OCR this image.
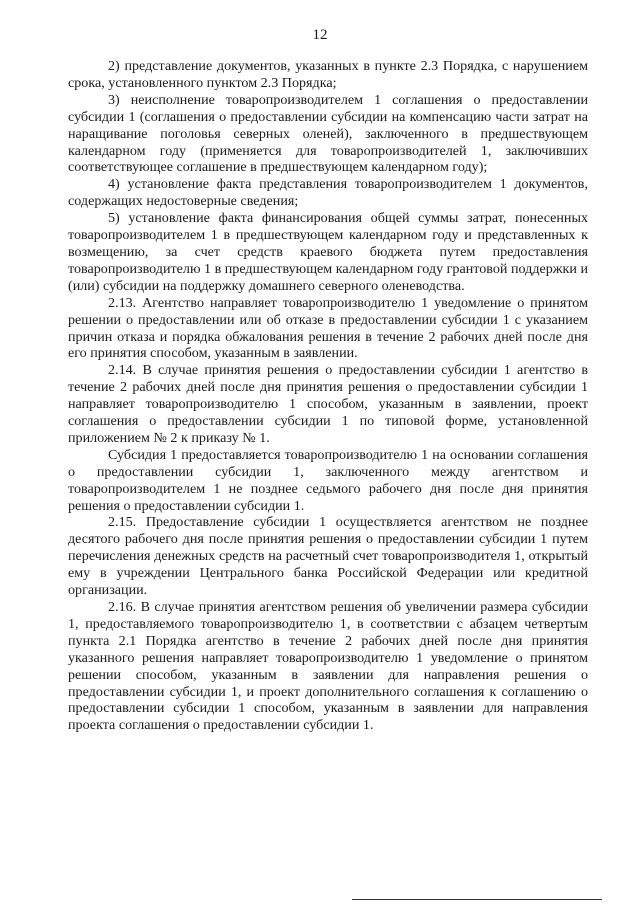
12

2) представление документов, указанных в пункте 2.3 Порядка, с нарушением срока, установленного пунктом 2.3 Порядка;

3) неисполнение товаропроизводителем 1 соглашения о предоставлении субсидии 1 (соглашения о предоставлении субсидии на компенсацию части затрат на наращивание поголовья северных оленей), заключенного в предшествующем календарном году (применяется для товаропроизводителей 1, заключивших соответствующее соглашение в предшествующем календарном году);

4) установление факта представления товаропроизводителем 1 документов, содержащих недостоверные сведения;

5) установление факта финансирования общей суммы затрат, понесенных товаропроизводителем 1 в предшествующем календарном году и представленных к возмещению, за счет средств краевого бюджета путем предоставления товаропроизводителю 1 в предшествующем календарном году грантовой поддержки и (или) субсидии на поддержку домашнего северного оленеводства.

2.13. Агентство направляет товаропроизводителю 1 уведомление о принятом решении о предоставлении или об отказе в предоставлении субсидии 1 с указанием причин отказа и порядка обжалования решения в течение 2 рабочих дней после дня его принятия способом, указанным в заявлении.

2.14. В случае принятия решения о предоставлении субсидии 1 агентство в течение 2 рабочих дней после дня принятия решения о предоставлении субсидии 1 направляет товаропроизводителю 1 способом, указанным в заявлении, проект соглашения о предоставлении субсидии 1 по типовой форме, установленной приложением № 2 к приказу № 1.

Субсидия 1 предоставляется товаропроизводителю 1 на основании соглашения о предоставлении субсидии 1, заключенного между агентством и товаропроизводителем 1 не позднее седьмого рабочего дня после дня принятия решения о предоставлении субсидии 1.

2.15. Предоставление субсидии 1 осуществляется агентством не позднее десятого рабочего дня после принятия решения о предоставлении субсидии 1 путем перечисления денежных средств на расчетный счет товаропроизводителя 1, открытый ему в учреждении Центрального банка Российской Федерации или кредитной организации.

2.16. В случае принятия агентством решения об увеличении размера субсидии 1, предоставляемого товаропроизводителю 1, в соответствии с абзацем четвертым пункта 2.1 Порядка агентство в течение 2 рабочих дней после дня принятия указанного решения направляет товаропроизводителю 1 уведомление о принятом решении способом, указанным в заявлении для направления решения о предоставлении субсидии 1, и проект дополнительного соглашения к соглашению о предоставлении субсидии 1 способом, указанным в заявлении для направления проекта соглашения о предоставлении субсидии 1.
